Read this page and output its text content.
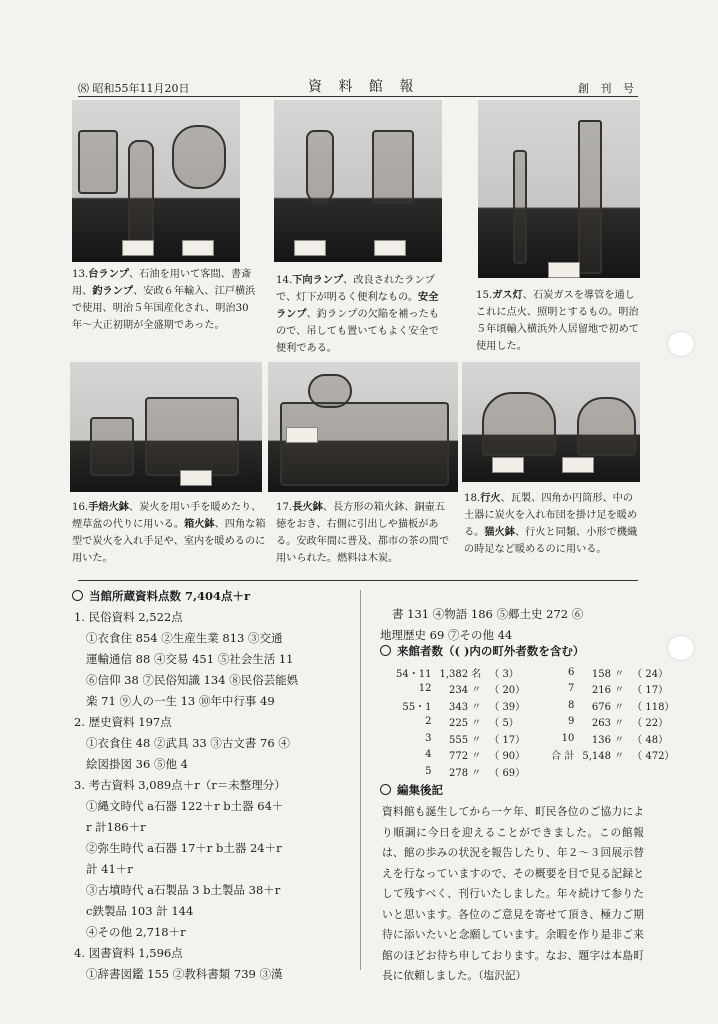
⑻ 昭和55年11月20日	資 料 館 報	創 刊 号
13.台ランプ、石油を用いて客間、書斎用、釣ランプ、安政６年輸入、江戸横浜で使用、明治５年国産化され、明治30年〜大正初期が全盛期であった。
14.下向ランプ、改良されたランプで、灯下が明るく便利なもの。安全ランプ、釣ランプの欠陥を補ったもので、吊しても置いてもよく安全で便利である。
15.ガス灯、石炭ガスを導管を通しこれに点火、照明とするもの。明治５年頃輸入横浜外人居留地で初めて使用した。
16.手焙火鉢、炭火を用い手を暖めたり、煙草盆の代りに用いる。箱火鉢、四角な箱型で炭火を入れ手足や、室内を暖めるのに用いた。
17.長火鉢、長方形の箱火鉢、銅壷五徳をおき、右側に引出しや猫板がある。安政年間に普及、都市の茶の間で用いられた。燃料は木炭。
18.行火、瓦製、四角か円筒形、中の土器に炭火を入れ布団を掛け足を暖める。猫火鉢、行火と同類、小形で機織の時足など暖めるのに用いる。
当館所蔵資料点数 7,404点＋r
1. 民俗資料 2,522点
①衣食住 854 ②生産生業 813 ③交通
運輸通信 88 ④交易 451 ⑤社会生活 11
⑥信仰 38 ⑦民俗知識 134 ⑧民俗芸能娯
楽 71 ⑨人の一生 13 ⑩年中行事 49
2. 歴史資料 197点
①衣食住 48 ②武具 33 ③古文書 76 ④
絵図掛図 36 ⑤他 4
3. 考古資料 3,089点＋r（r＝未整理分）
①縄文時代 a石器 122＋r b土器 64＋
r 計186＋r
②弥生時代 a石器 17＋r b土器 24＋r
計 41＋r
③古墳時代 a石製品 3 b土製品 38＋r
c鉄製品 103 計 144
④その他 2,718＋r
4. 図書資料 1,596点
①辞書図鑑 155 ②教科書類 739 ③漢
書 131 ④物語 186 ⑤郷土史 272 ⑥
地理歴史 69 ⑦その他 44
来館者数（( )内の町外者数を含む）
54・11	1,382 名	（ 3）	6	158 〃	（ 24）
12	234 〃	（ 20）	7	216 〃	（ 17）
55・1	343 〃	（ 39）	8	676 〃	（ 118）
2	225 〃	（ 5）	9	263 〃	（ 22）
3	555 〃	（ 17）	10	136 〃	（ 48）
4	772 〃	（ 90）	合 計	5,148 〃	（ 472）
5	278 〃	（ 69）			
編集後記
資料館も誕生してから一ケ年、町民各位のご協力により順調に今日を迎えることができました。この館報は、館の歩みの状況を報告したり、年２〜３回展示替えを行なっていますので、その概要を目で見る記録として残すべく、刊行いたしました。年々続けて参りたいと思います。各位のご意見を寄せて頂き、極力ご期待に添いたいと念願しています。余暇を作り是非ご来館のほどお待ち申しております。なお、題字は本島町長に依頼しました。（塩沢記）
